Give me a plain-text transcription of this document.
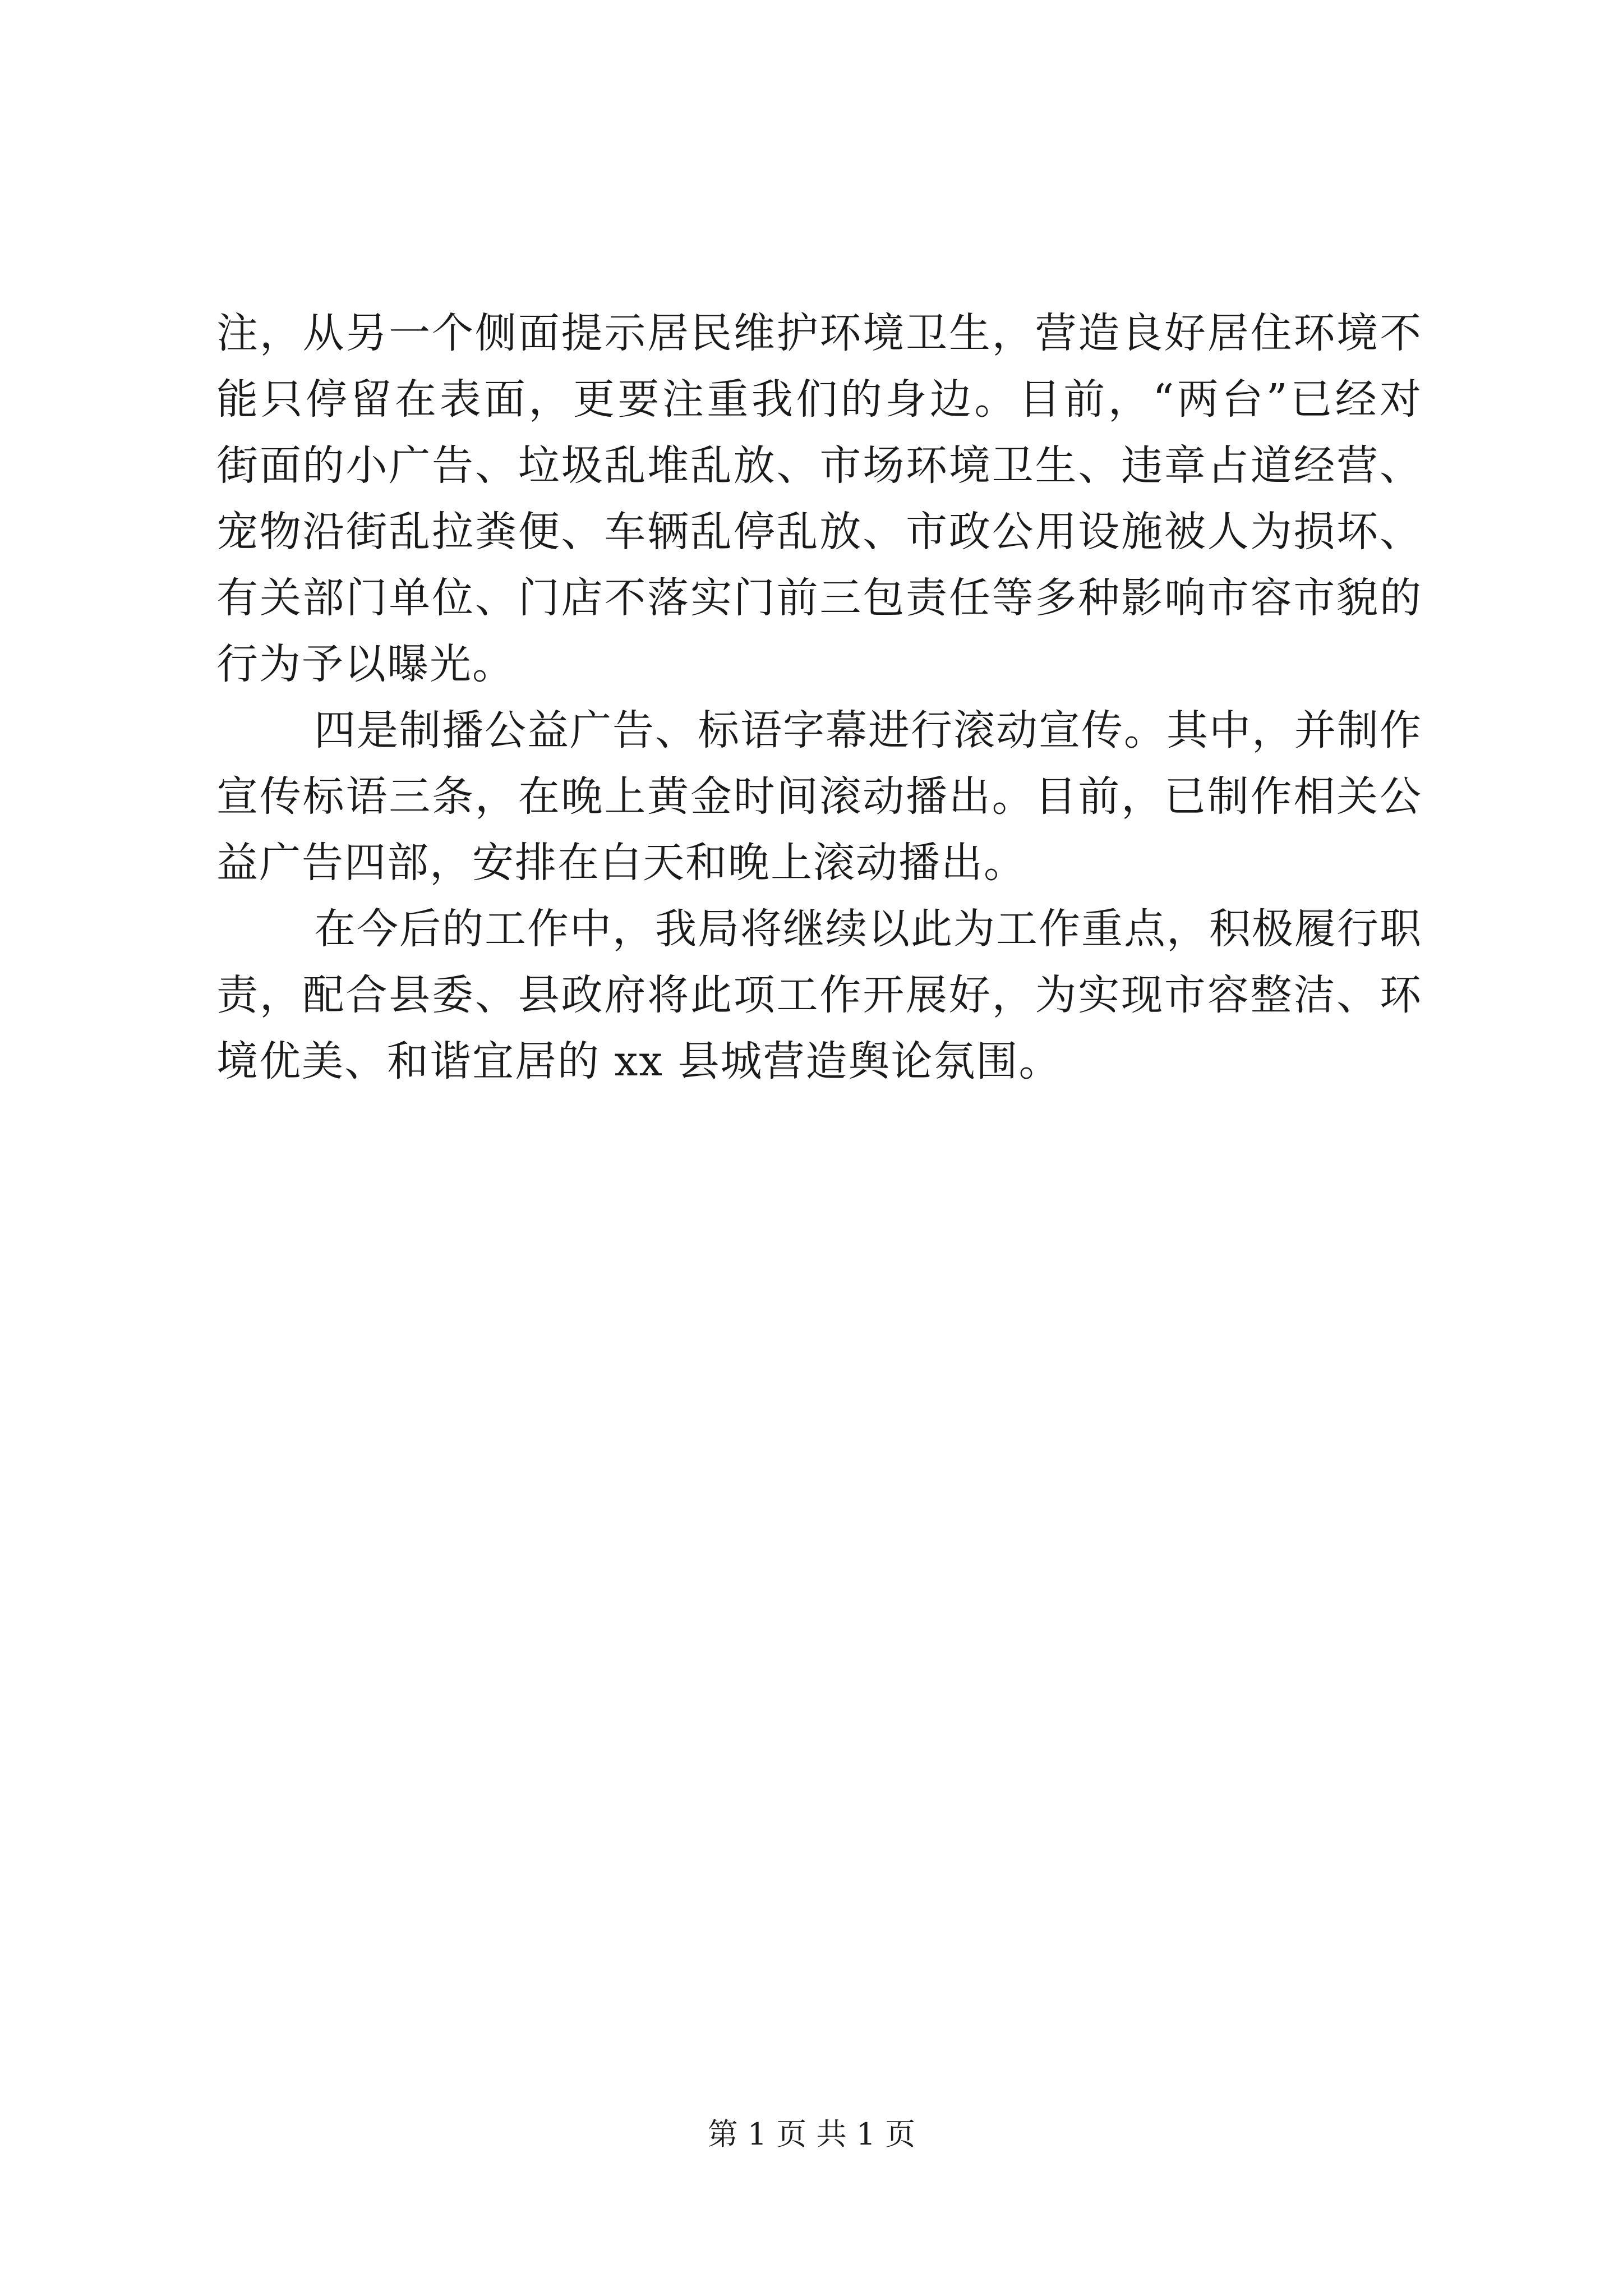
注，从另一个侧面提示居民维护环境卫生，营造良好居住环境不
能只停留在表面，更要注重我们的身边。目前，“两台”已经对
街面的小广告、垃圾乱堆乱放、市场环境卫生、违章占道经营、
宠物沿街乱拉粪便、车辆乱停乱放、市政公用设施被人为损坏、
有关部门单位、门店不落实门前三包责任等多种影响市容市貌的
行为予以曝光。
四是制播公益广告、标语字幕进行滚动宣传。其中，并制作
宣传标语三条，在晚上黄金时间滚动播出。目前，已制作相关公
益广告四部，安排在白天和晚上滚动播出。
在今后的工作中，我局将继续以此为工作重点，积极履行职
责，配合县委、县政府将此项工作开展好，为实现市容整洁、环
境优美、和谐宜居的 xx 县城营造舆论氛围。
第 1 页 共 1 页
